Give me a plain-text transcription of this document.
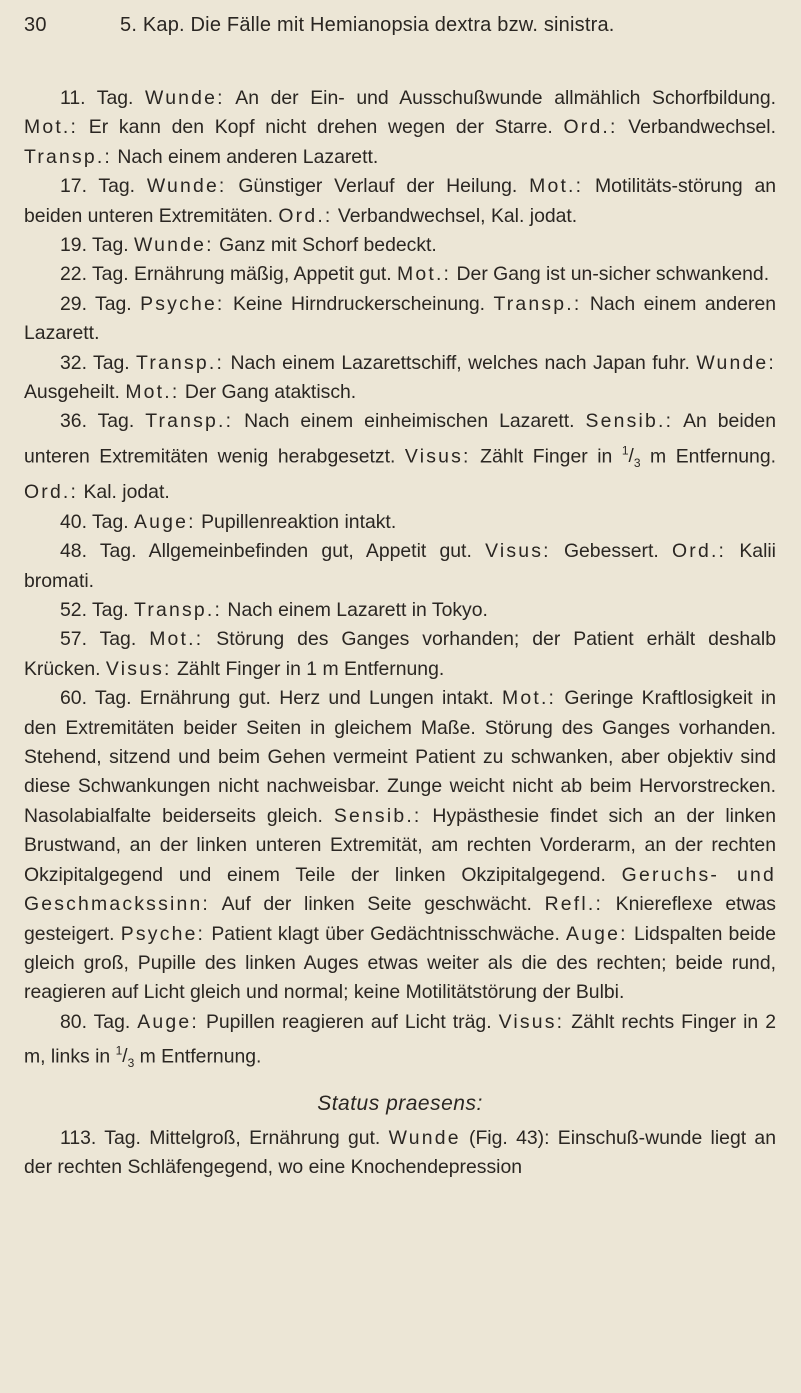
30	5. Kap. Die Fälle mit Hemianopsia dextra bzw. sinistra.

11. Tag. Wunde: An der Ein- und Ausschußwunde allmählich Schorfbildung. Mot.: Er kann den Kopf nicht drehen wegen der Starre. Ord.: Verbandwechsel. Transp.: Nach einem anderen Lazarett.

17. Tag. Wunde: Günstiger Verlauf der Heilung. Mot.: Motilitäts-störung an beiden unteren Extremitäten. Ord.: Verbandwechsel, Kal. jodat.

19. Tag. Wunde: Ganz mit Schorf bedeckt.

22. Tag. Ernährung mäßig, Appetit gut. Mot.: Der Gang ist un-sicher schwankend.

29. Tag. Psyche: Keine Hirndruckerscheinung. Transp.: Nach einem anderen Lazarett.

32. Tag. Transp.: Nach einem Lazarettschiff, welches nach Japan fuhr. Wunde: Ausgeheilt. Mot.: Der Gang ataktisch.

36. Tag. Transp.: Nach einem einheimischen Lazarett. Sensib.: An beiden unteren Extremitäten wenig herabgesetzt. Visus: Zählt Finger in $^1/_3$ m Entfernung. Ord.: Kal. jodat.

40. Tag. Auge: Pupillenreaktion intakt.

48. Tag. Allgemeinbefinden gut, Appetit gut. Visus: Gebessert. Ord.: Kalii bromati.

52. Tag. Transp.: Nach einem Lazarett in Tokyo.

57. Tag. Mot.: Störung des Ganges vorhanden; der Patient erhält deshalb Krücken. Visus: Zählt Finger in 1 m Entfernung.

60. Tag. Ernährung gut. Herz und Lungen intakt. Mot.: Geringe Kraftlosigkeit in den Extremitäten beider Seiten in gleichem Maße. Störung des Ganges vorhanden. Stehend, sitzend und beim Gehen vermeint Patient zu schwanken, aber objektiv sind diese Schwankungen nicht nachweisbar. Zunge weicht nicht ab beim Hervorstrecken. Nasolabialfalte beiderseits gleich. Sensib.: Hypästhesie findet sich an der linken Brustwand, an der linken unteren Extremität, am rechten Vorderarm, an der rechten Okzipitalgegend und einem Teile der linken Okzipitalgegend. Geruchs- und Geschmackssinn: Auf der linken Seite geschwächt. Refl.: Kniereflexe etwas gesteigert. Psyche: Patient klagt über Gedächtnisschwäche. Auge: Lidspalten beide gleich groß, Pupille des linken Auges etwas weiter als die des rechten; beide rund, reagieren auf Licht gleich und normal; keine Motilitätstörung der Bulbi.

80. Tag. Auge: Pupillen reagieren auf Licht träg. Visus: Zählt rechts Finger in 2 m, links in $^1/_3$ m Entfernung.

Status praesens:

113. Tag. Mittelgroß, Ernährung gut. Wunde (Fig. 43): Einschuß-wunde liegt an der rechten Schläfengegend, wo eine Knochendepression
